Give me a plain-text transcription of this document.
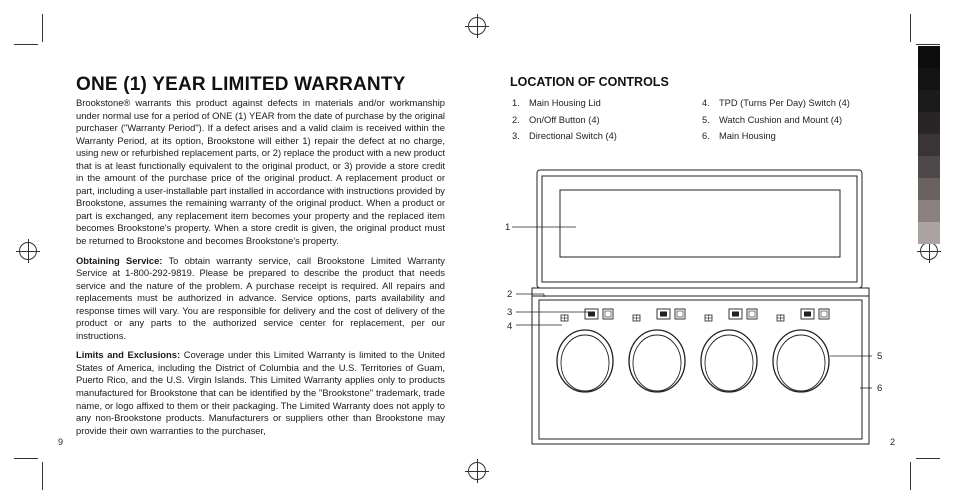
ONE (1) YEAR LIMITED WARRANTY

Brookstone® warrants this product against defects in materials and/or workmanship under normal use for a period of ONE (1) YEAR from the date of purchase by the original purchaser ("Warranty Period"). If a defect arises and a valid claim is received within the Warranty Period, at its option, Brookstone will either 1) repair the defect at no charge, using new or refurbished replacement parts, or 2) replace the product with a new product that is at least functionally equivalent to the original product, or 3) provide a store credit in the amount of the purchase price of the original product. A replacement product or part, including a user-installable part installed in accordance with instructions provided by Brookstone, assumes the remaining warranty of the original product. When a product or part is exchanged, any replacement item becomes your property and the replaced item becomes Brookstone's property. When a store credit is given, the original product must be returned to Brookstone and becomes Brookstone's property.

Obtaining Service: To obtain warranty service, call Brookstone Limited Warranty Service at 1-800-292-9819. Please be prepared to describe the product that needs service and the nature of the problem. A purchase receipt is required. All repairs and replacements must be authorized in advance. Service options, parts availability and response times will vary. You are responsible for delivery and the cost of delivery of the product or any parts to the authorized service center for replacement, per our instructions.

Limits and Exclusions: Coverage under this Limited Warranty is limited to the United States of America, including the District of Columbia and the U.S. Territories of Guam, Puerto Rico, and the U.S. Virgin Islands. This Limited Warranty applies only to products manufactured for Brookstone that can be identified by the "Brookstone" trademark, trade name, or logo affixed to them or their packaging. The Limited Warranty does not apply to any non-Brookstone products. Manufacturers or suppliers other than Brookstone may provide their own warranties to the purchaser,

9
LOCATION OF CONTROLS
1. Main Housing Lid
2. On/Off Button (4)
3. Directional Switch (4)
4. TPD (Turns Per Day) Switch (4)
5. Watch Cushion and Mount (4)
6. Main Housing
1
2
3
4
5
6
2
